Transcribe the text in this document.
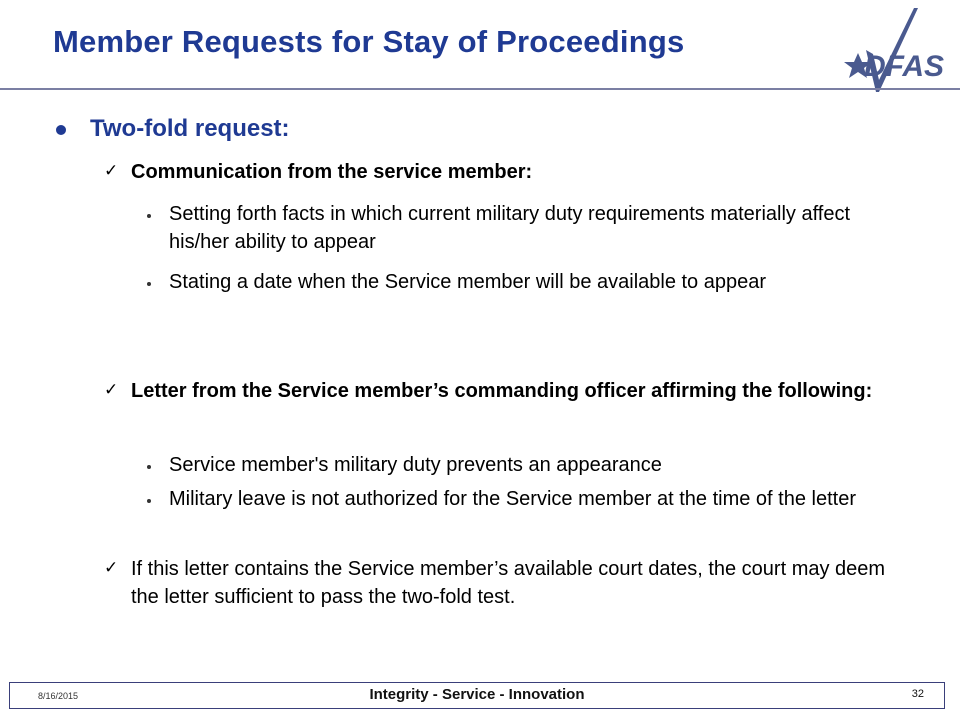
Member Requests for Stay of Proceedings
DFAS
Two-fold request:
✓ Communication from the service member:
Setting forth facts in which current military duty requirements materially affect his/her ability to appear
Stating a date when the Service member will be available to appear
✓ Letter from the Service member’s commanding officer affirming the following:
Service member's military duty prevents an appearance
Military leave is not authorized for the Service member at the time of the letter
✓ If this letter contains the Service member’s available court dates, the court may deem the letter sufficient to pass the two-fold test.
8/16/2015	Integrity - Service - Innovation	32
